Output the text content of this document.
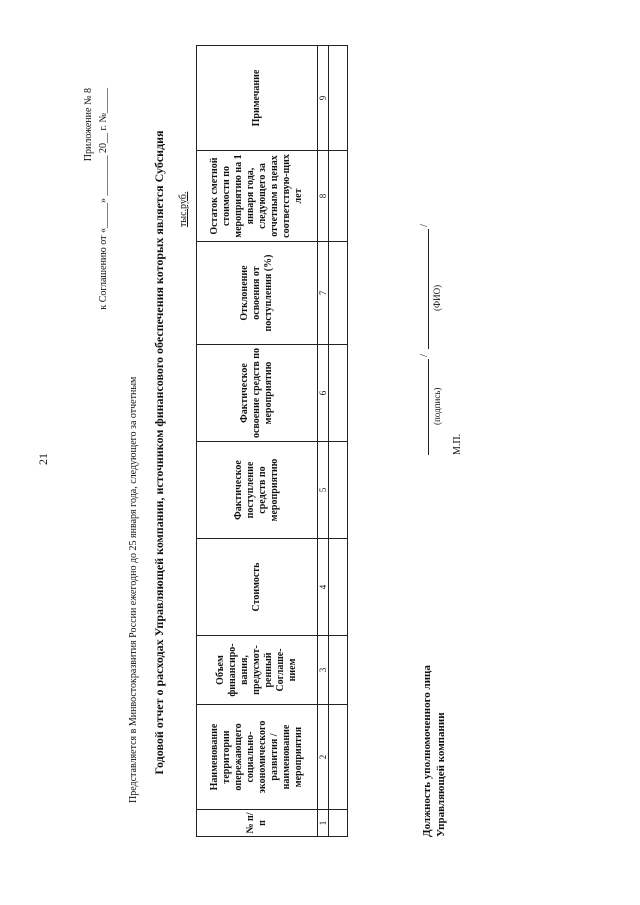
21
Приложение № 8 к Соглашению от «_____» ________ 20__ г. №_____
Представляется в Минвостокразвития России ежегодно до 25 января года, следующего за отчетным Годовой отчет о расходах Управляющей компании, источником финансового обеспечения которых является Субсидия тыс.руб.
№ п/п	Наименование территории опережающего социально-экономического развития / наименование мероприятия	Объем финансиро-вания, предусмот-ренный Соглаше-нием	Стоимость	Фактическое поступление средств по мероприятию	Фактическое освоение средств по мероприятию	Отклонение освоения от поступления (%)	Остаток сметной стоимости по мероприятию на 1 января года, следующего за отчетным в ценах соответствую-щих лет	Примечание
1	2	3	4	5	6	7	8	9

Должность уполномоченного лица Управляющей компании
/
/
(подпись)
(ФИО)
М.П.
